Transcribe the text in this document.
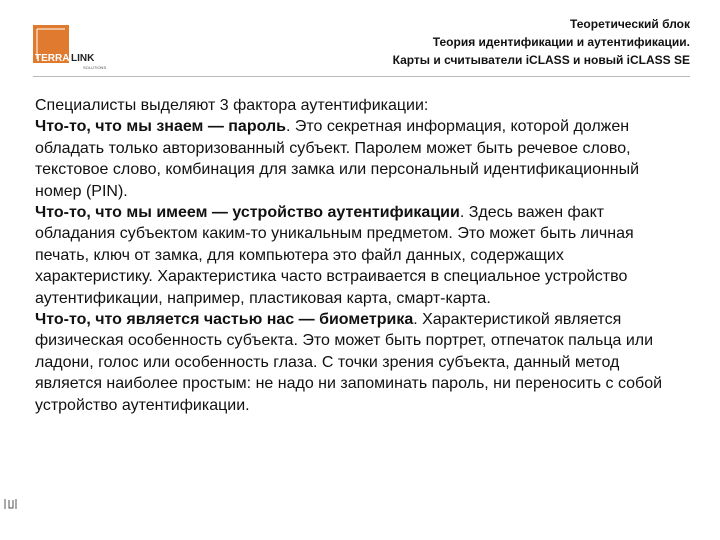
TERRA LINK
SOLUTIONS
Теоретический блок
Теория идентификации и аутентификации.
Карты и считыватели iCLASS и новый iCLASS SE

Специалисты выделяют 3 фактора аутентификации:

Что-то, что мы знаем — пароль. Это секретная информация, которой должен обладать только авторизованный субъект. Паролем может быть речевое слово, текстовое слово, комбинация для замка или персональный идентификационный номер (PIN).

Что-то, что мы имеем — устройство аутентификации. Здесь важен факт обладания субъектом каким-то уникальным предметом. Это может быть личная печать, ключ от замка, для компьютера это файл данных, содержащих характеристику. Характеристика часто встраивается в специальное устройство аутентификации, например, пластиковая карта, смарт-карта.

Что-то, что является частью нас — биометрика. Характеристикой является физическая особенность субъекта. Это может быть портрет, отпечаток пальца или ладони, голос или особенность глаза. С точки зрения субъекта, данный метод является наиболее простым: не надо ни запоминать пароль, ни переносить с собой устройство аутентификации.
